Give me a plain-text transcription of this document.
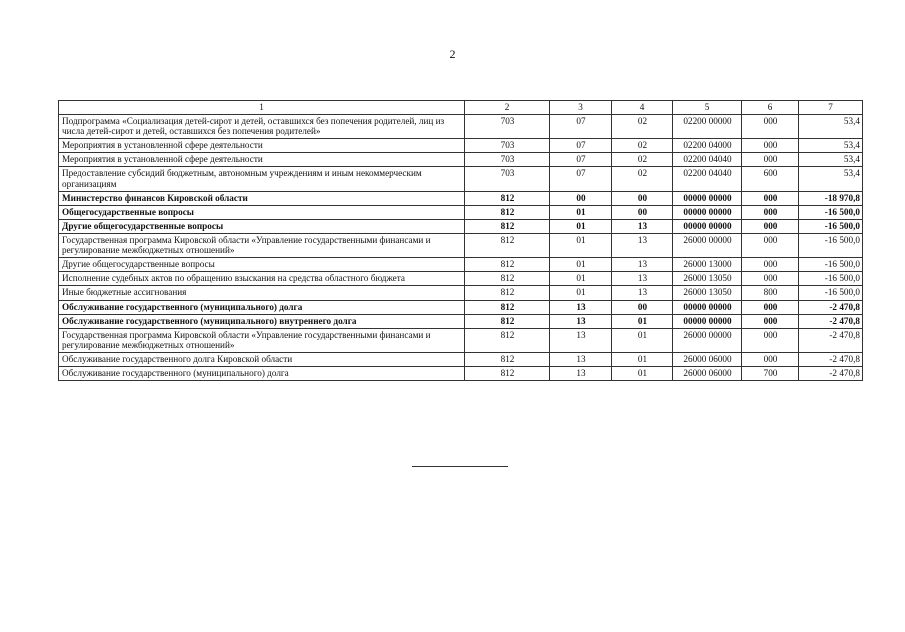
2
1	2	3	4	5	6	7
Подпрограмма «Социализация детей-сирот и детей, оставшихся без попечения родителей, лиц из числа детей-сирот и детей, оставшихся без попечения родителей»	703	07	02	02200 00000	000	53,4
Мероприятия в установленной сфере деятельности	703	07	02	02200 04000	000	53,4
Мероприятия в установленной сфере деятельности	703	07	02	02200 04040	000	53,4
Предоставление субсидий бюджетным, автономным учреждениям и иным некоммерческим организациям	703	07	02	02200 04040	600	53,4
Министерство финансов Кировской области	812	00	00	00000 00000	000	-18 970,8
Общегосударственные вопросы	812	01	00	00000 00000	000	-16 500,0
Другие общегосударственные вопросы	812	01	13	00000 00000	000	-16 500,0
Государственная программа Кировской области «Управление государственными финансами и регулирование межбюджетных отношений»	812	01	13	26000 00000	000	-16 500,0
Другие общегосударственные вопросы	812	01	13	26000 13000	000	-16 500,0
Исполнение судебных актов по обращению взыскания на средства областного бюджета	812	01	13	26000 13050	000	-16 500,0
Иные бюджетные ассигнования	812	01	13	26000 13050	800	-16 500,0
Обслуживание государственного (муниципального) долга	812	13	00	00000 00000	000	-2 470,8
Обслуживание государственного (муниципального) внутреннего долга	812	13	01	00000 00000	000	-2 470,8
Государственная программа Кировской области «Управление государственными финансами и регулирование межбюджетных отношений»	812	13	01	26000 00000	000	-2 470,8
Обслуживание государственного долга Кировской области	812	13	01	26000 06000	000	-2 470,8
Обслуживание государственного (муниципального) долга	812	13	01	26000 06000	700	-2 470,8
